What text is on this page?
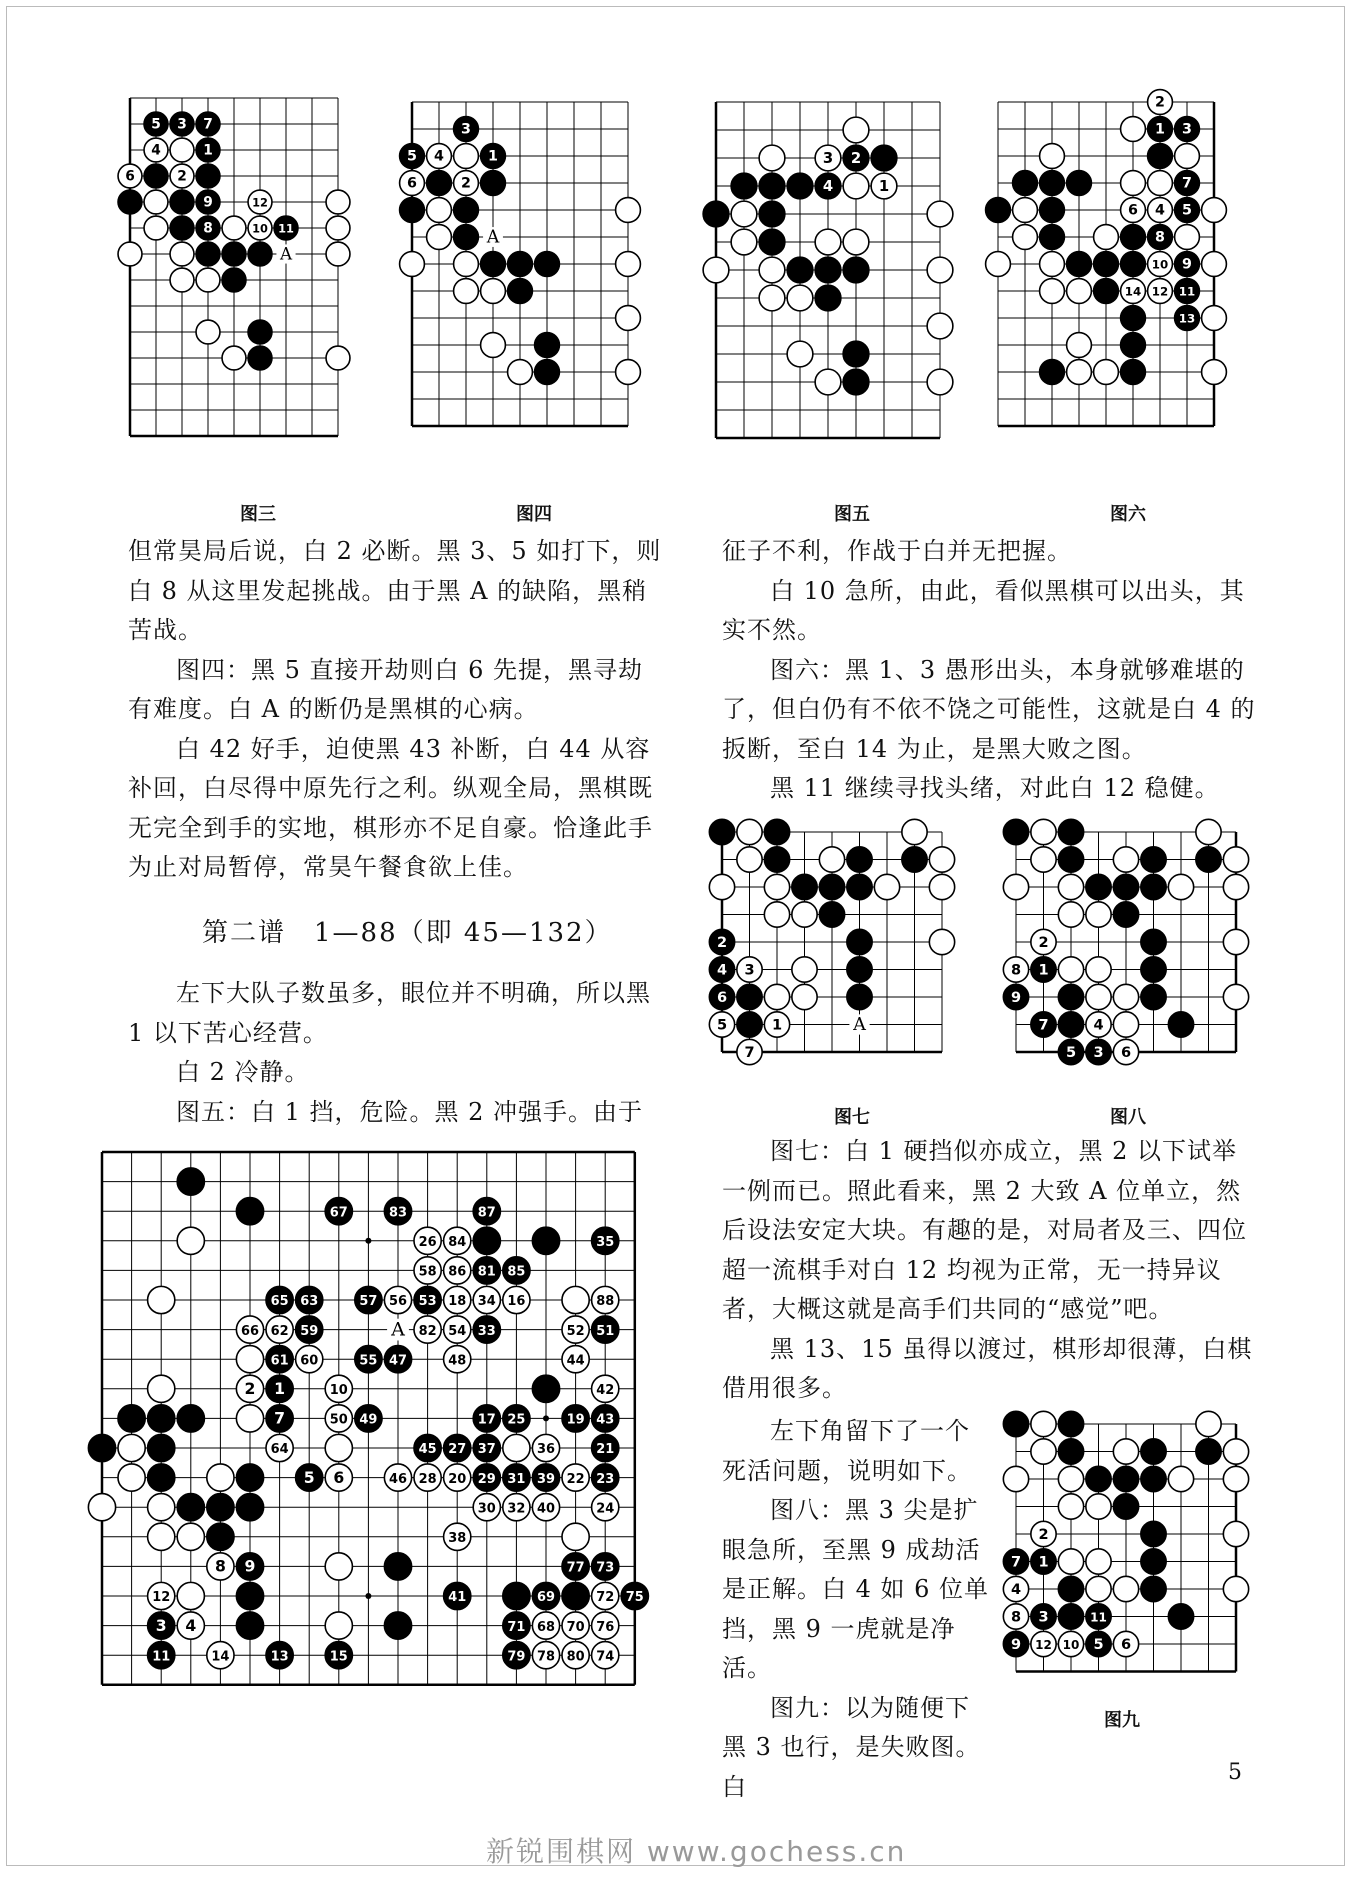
5 3 7
4	1
6	2
9	12
8	10 11
A
3
5 4	1
6	2
A
3 2
4	1
2
1 3
7
6 4 5
8
10 9
14 12 11
13
2
4 3
6
5	1
7
A
2
8 1
9
7	4
5 3 6
67	83	87
26 84	35
58 86 81 85
65 63	57 56 53 18 34 16	88
66 62 59	82 54 33	52 51
61 60	55 47	48	44
2 1	10	42
7	50 49	17 25	19 43
64	45 27 37	36	21
5 6	46 28 20 29 31 39 22 23
30 32 40	24
38
8 9	77 73
12	41	69	72 75
3 4	71 68 70 76
11	14	13	15	79 78 80 74
A
2
7 1
4
8 3	11
9 12 10 5 6
图三	图四	图五	图六
图七	图八
图九

但常昊局后说，白 2 必断。黑 3、5 如打下，则白 8 从这里发起挑战。由于黑 A 的缺陷，黑稍苦战。

图四：黑 5 直接开劫则白 6 先提，黑寻劫有难度。白 A 的断仍是黑棋的心病。

白 42 好手，迫使黑 43 补断，白 44 从容补回，白尽得中原先行之利。纵观全局，黑棋既无完全到手的实地，棋形亦不足自豪。恰逢此手为止对局暂停，常昊午餐食欲上佳。

第二谱　1—88（即 45—132）

左下大队子数虽多，眼位并不明确，所以黑 1 以下苦心经营。

白 2 冷静。

图五：白 1 挡，危险。黑 2 冲强手。由于

征子不利，作战于白并无把握。

白 10 急所，由此，看似黑棋可以出头，其实不然。

图六：黑 1、3 愚形出头，本身就够难堪的了，但白仍有不依不饶之可能性，这就是白 4 的扳断，至白 14 为止，是黑大败之图。

黑 11 继续寻找头绪，对此白 12 稳健。

图七：白 1 硬挡似亦成立，黑 2 以下试举一例而已。照此看来，黑 2 大致 A 位单立，然后设法安定大块。有趣的是，对局者及三、四位超一流棋手对白 12 均视为正常，无一持异议者，大概这就是高手们共同的“感觉”吧。

黑 13、15 虽得以渡过，棋形却很薄，白棋借用很多。

左下角留下了一个

死活问题，说明如下。

图八：黑 3 尖是扩

眼急所，至黑 9 成劫活

是正解。白 4 如 6 位单

挡，黑 9 一虎就是净活。

图九：以为随便下

黑 3 也行，是失败图。白	5
新锐围棋网 www.gochess.cn
